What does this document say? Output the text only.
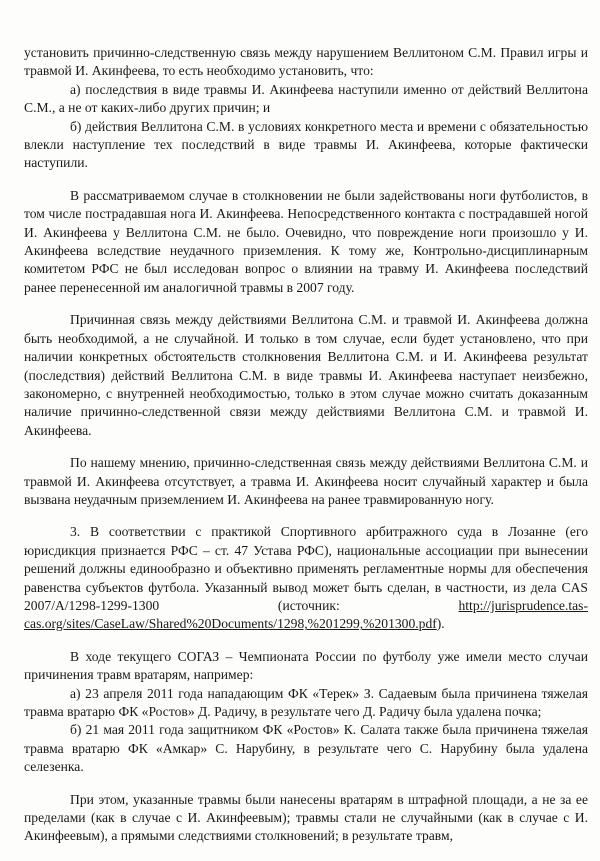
установить причинно-следственную связь между нарушением Веллитоном С.М. Правил игры и травмой И. Акинфеева, то есть необходимо установить, что:

а) последствия в виде травмы И. Акинфеева наступили именно от действий Веллитона С.М., а не от каких-либо других причин; и

б) действия Веллитона С.М. в условиях конкретного места и времени с обязательностью влекли наступление тех последствий в виде травмы И. Акинфеева, которые фактически наступили.

В рассматриваемом случае в столкновении не были задействованы ноги футболистов, в том числе пострадавшая нога И. Акинфеева. Непосредственного контакта с пострадавшей ногой И. Акинфеева у Веллитона С.М. не было. Очевидно, что повреждение ноги произошло у И. Акинфеева вследствие неудачного приземления. К тому же, Контрольно-дисциплинарным комитетом РФС не был исследован вопрос о влиянии на травму И. Акинфеева последствий ранее перенесенной им аналогичной травмы в 2007 году.

Причинная связь между действиями Веллитона С.М. и травмой И. Акинфеева должна быть необходимой, а не случайной. И только в том случае, если будет установлено, что при наличии конкретных обстоятельств столкновения Веллитона С.М. и И. Акинфеева результат (последствия) действий Веллитона С.М. в виде травмы И. Акинфеева наступает неизбежно, закономерно, с внутренней необходимостью, только в этом случае можно считать доказанным наличие причинно-следственной связи между действиями Веллитона С.М. и травмой И. Акинфеева.

По нашему мнению, причинно-следственная связь между действиями Веллитона С.М. и травмой И. Акинфеева отсутствует, а травма И. Акинфеева носит случайный характер и была вызвана неудачным приземлением И. Акинфеева на ранее травмированную ногу.

3. В соответствии с практикой Спортивного арбитражного суда в Лозанне (его юрисдикция признается РФС – ст. 47 Устава РФС), национальные ассоциации при вынесении решений должны единообразно и объективно применять регламентные нормы для обеспечения равенства субъектов футбола. Указанный вывод может быть сделан, в частности, из дела CAS 2007/A/1298-1299-1300 (источник:	http://jurisprudence.tas-cas.org/sites/CaseLaw/Shared%20Documents/1298,%201299,%201300.pdf).

В ходе текущего СОГАЗ – Чемпионата России по футболу уже имели место случаи причинения травм вратарям, например:

а) 23 апреля 2011 года нападающим ФК «Терек» З. Садаевым была причинена тяжелая травма вратарю ФК «Ростов» Д. Радичу, в результате чего Д. Радичу была удалена почка;

б) 21 мая 2011 года защитником ФК «Ростов» К. Салата также была причинена тяжелая травма вратарю ФК «Амкар» С. Нарубину, в результате чего С. Нарубину была удалена селезенка.

При этом, указанные травмы были нанесены вратарям в штрафной площади, а не за ее пределами (как в случае с И. Акинфеевым); травмы стали не случайными (как в случае с И. Акинфеевым), а прямыми следствиями столкновений; в результате травм,
